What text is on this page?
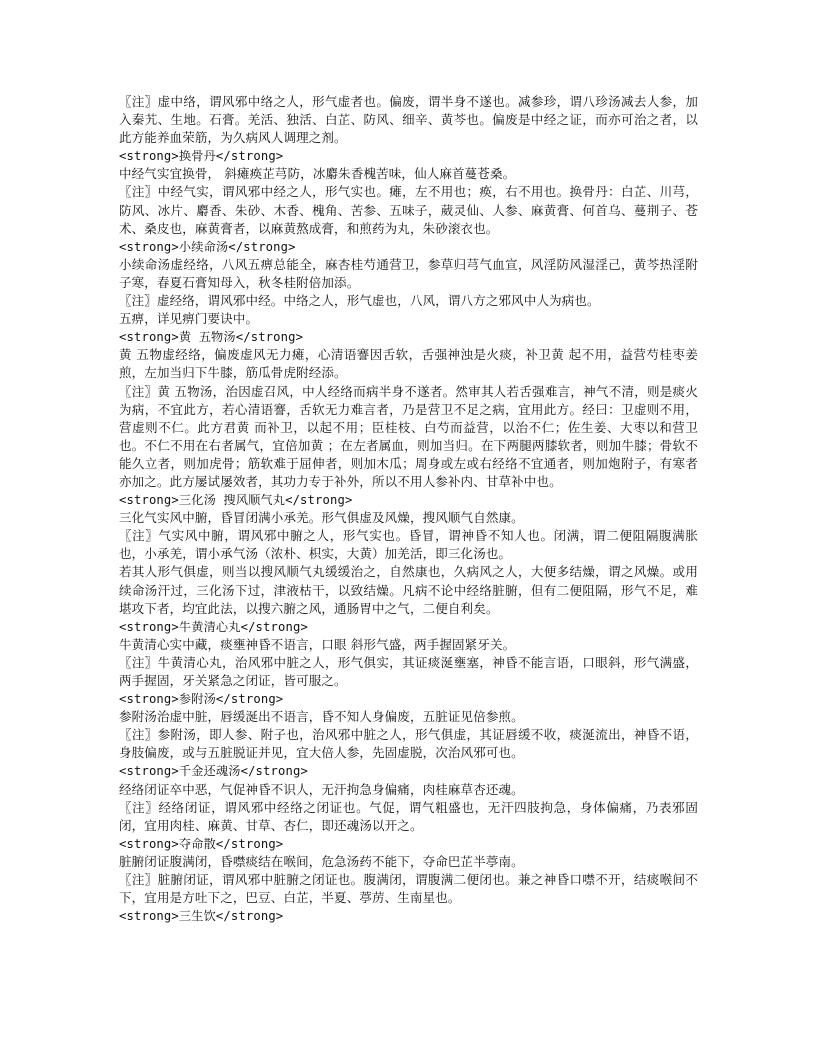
〖注〗虚中络，谓风邪中络之人，形气虚者也。偏废，谓半身不遂也。减参珍，谓八珍汤减去人参，加入秦艽、生地。石膏。羌活、独活、白芷、防风、细辛、黄芩也。偏废是中经之证，而亦可治之者，以此方能养血荣筋，为久病风人调理之剂。
<strong>换骨丹</strong>
中经气实宜换骨， 斜瘫痪芷芎防，冰麝朱香槐苦味，仙人麻首蔓苍桑。
〖注〗中经气实，谓风邪中经之人，形气实也。瘫，左不用也；痪，右不用也。换骨丹：白芷、川芎，防风、冰片、麝香、朱砂、木香、槐角、苦参、五味子，葳灵仙、人参、麻黄膏、何首乌、蔓荆子、苍术、桑皮也，麻黄膏者，以麻黄熬成膏，和煎药为丸，朱砂滚衣也。
<strong>小续命汤</strong>
小续命汤虚经络，八风五痹总能全，麻杏桂芍通营卫，参草归芎气血宣，风淫防风湿淫己，黄芩热淫附子寒，春夏石膏知母入，秋冬桂附倍加添。
〖注〗虚经络，谓风邪中经。中络之人，形气虚也，八风，谓八方之邪风中人为病也。
五痹，详见痹门要诀中。
<strong>黄 五物汤</strong>
黄 五物虚经络，偏废虚风无力瘫，心清语謇因舌软，舌强神浊是火痰，补卫黄 起不用，益营芍桂枣姜煎，左加当归下牛膝，筋瓜骨虎附经添。
〖注〗黄 五物汤，治因虚召风，中人经络而病半身不遂者。然审其人若舌强难言，神气不清，则是痰火为病，不宜此方，若心清语謇，舌软无力难言者，乃是营卫不足之病，宜用此方。经曰：卫虚则不用，营虚则不仁。此方君黄 而补卫，以起不用；臣桂枝、白芍而益营，以治不仁；佐生姜、大枣以和营卫也。不仁不用在右者属气，宜倍加黄 ；在左者属血，则加当归。在下两腿两膝软者，则加牛膝；骨软不能久立者，则加虎骨；筋软难于屈伸者，则加木瓜；周身或左或右经络不宜通者，则加炮附子，有寒者亦加之。此方屡试屡效者，其功力专于补外，所以不用人参补内、甘草补中也。
<strong>三化汤 搜风顺气丸</strong>
三化气实风中腑，昏冒闭满小承羌。形气俱虚及风燥，搜风顺气自然康。
〖注〗气实风中腑，谓风邪中腑之人，形气实也。昏冒，谓神昏不知人也。闭满，谓二便阻隔腹满胀也，小承羌，谓小承气汤（浓朴、枳实，大黄）加羌活，即三化汤也。
若其人形气俱虚，则当以搜风顺气丸缓缓治之，自然康也，久病风之人，大便多结燥，谓之风燥。或用续命汤汗过，三化汤下过，津液枯干，以致结燥。凡病不论中经络脏腑，但有二便阻隔，形气不足，难堪攻下者，均宜此法，以搜六腑之风，通肠胃中之气，二便自利矣。
<strong>牛黄清心丸</strong>
牛黄清心实中藏，痰壅神昏不语言，口眼 斜形气盛，两手握固紧牙关。
〖注〗牛黄清心丸，治风邪中脏之人，形气俱实，其证痰涎壅塞，神昏不能言语，口眼斜，形气满盛，两手握固，牙关紧急之闭证，皆可服之。
<strong>参附汤</strong>
参附汤治虚中脏，唇缓涎出不语言，昏不知人身偏废，五脏证见倍参煎。
〖注〗参附汤，即人参、附子也，治风邪中脏之人，形气俱虚，其证唇缓不收，痰涎流出，神昏不语，身肢偏废，或与五脏脱证并见，宜大倍人参，先固虚脱，次治风邪可也。
<strong>千金还魂汤</strong>
经络闭证卒中恶，气促神昏不识人，无汗拘急身偏痛，肉桂麻草杏还魂。
〖注〗经络闭证，谓风邪中经络之闭证也。气促，谓气粗盛也，无汗四肢拘急，身体偏痛，乃表邪固闭，宜用肉桂、麻黄、甘草、杏仁，即还魂汤以开之。
<strong>夺命散</strong>
脏腑闭证腹满闭，昏噤痰结在喉间，危急汤药不能下，夺命巴芷半葶南。
〖注〗脏腑闭证，谓风邪中脏腑之闭证也。腹满闭，谓腹满二便闭也。兼之神昏口噤不开，结痰喉间不下，宜用是方吐下之，巴豆、白芷，半夏、葶苈、生南星也。
<strong>三生饮</strong>
